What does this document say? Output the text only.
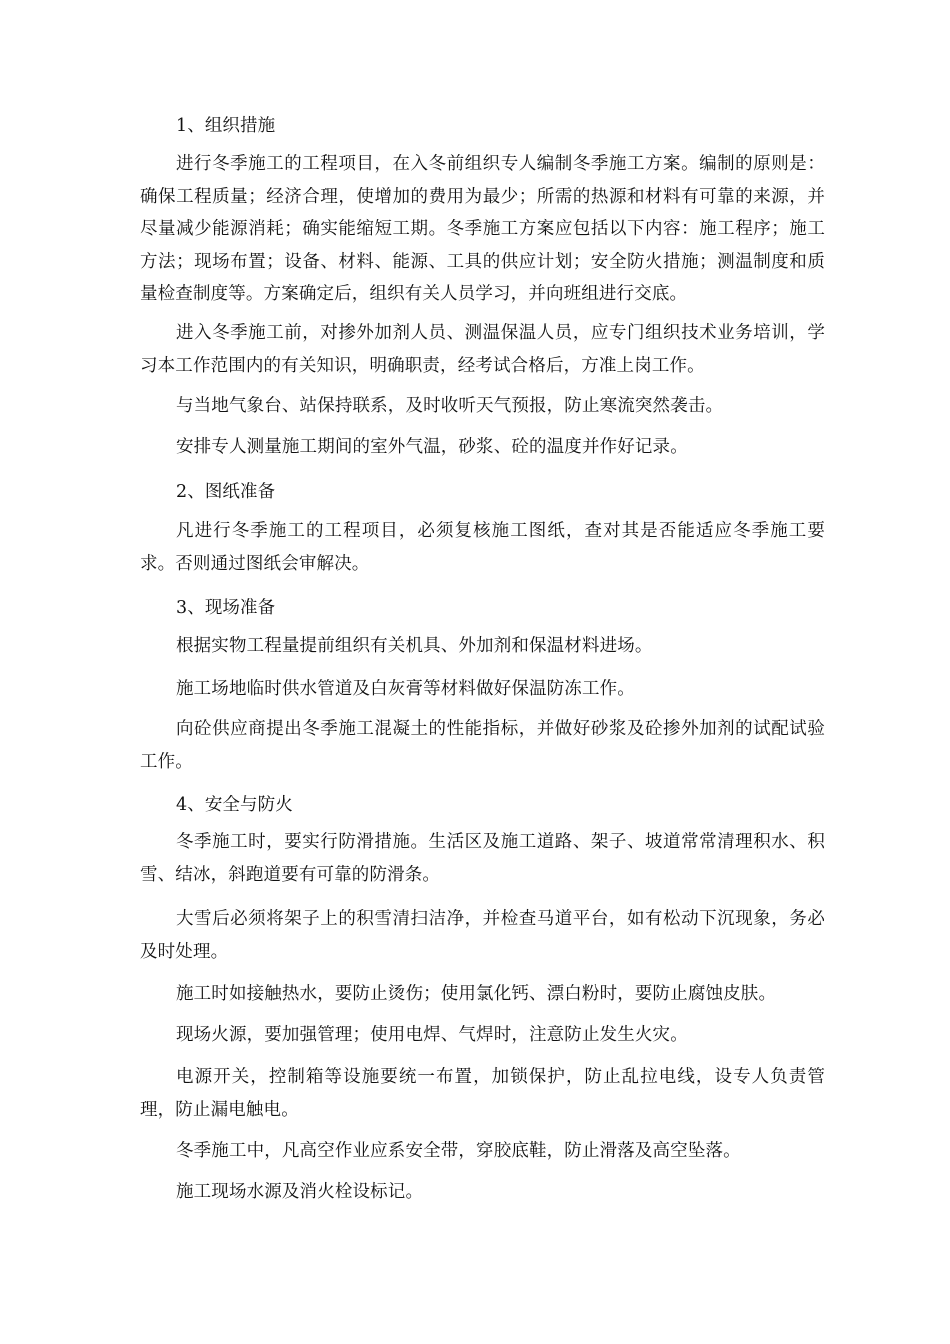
1、组织措施

进行冬季施工的工程项目，在入冬前组织专人编制冬季施工方案。编制的原则是：确保工程质量；经济合理，使增加的费用为最少；所需的热源和材料有可靠的来源，并尽量减少能源消耗；确实能缩短工期。冬季施工方案应包括以下内容：施工程序；施工方法；现场布置；设备、材料、能源、工具的供应计划；安全防火措施；测温制度和质量检查制度等。方案确定后，组织有关人员学习，并向班组进行交底。

进入冬季施工前，对掺外加剂人员、测温保温人员，应专门组织技术业务培训，学习本工作范围内的有关知识，明确职责，经考试合格后，方准上岗工作。

与当地气象台、站保持联系，及时收听天气预报，防止寒流突然袭击。

安排专人测量施工期间的室外气温，砂浆、砼的温度并作好记录。

2、图纸准备

凡进行冬季施工的工程项目，必须复核施工图纸，查对其是否能适应冬季施工要求。否则通过图纸会审解决。

3、现场准备

根据实物工程量提前组织有关机具、外加剂和保温材料进场。

施工场地临时供水管道及白灰膏等材料做好保温防冻工作。

向砼供应商提出冬季施工混凝土的性能指标，并做好砂浆及砼掺外加剂的试配试验工作。

4、安全与防火

冬季施工时，要实行防滑措施。生活区及施工道路、架子、坡道常常清理积水、积雪、结冰，斜跑道要有可靠的防滑条。

大雪后必须将架子上的积雪清扫洁净，并检查马道平台，如有松动下沉现象，务必及时处理。

施工时如接触热水，要防止烫伤；使用氯化钙、漂白粉时，要防止腐蚀皮肤。

现场火源，要加强管理；使用电焊、气焊时，注意防止发生火灾。

电源开关，控制箱等设施要统一布置，加锁保护，防止乱拉电线，设专人负责管理，防止漏电触电。

冬季施工中，凡高空作业应系安全带，穿胶底鞋，防止滑落及高空坠落。

施工现场水源及消火栓设标记。
